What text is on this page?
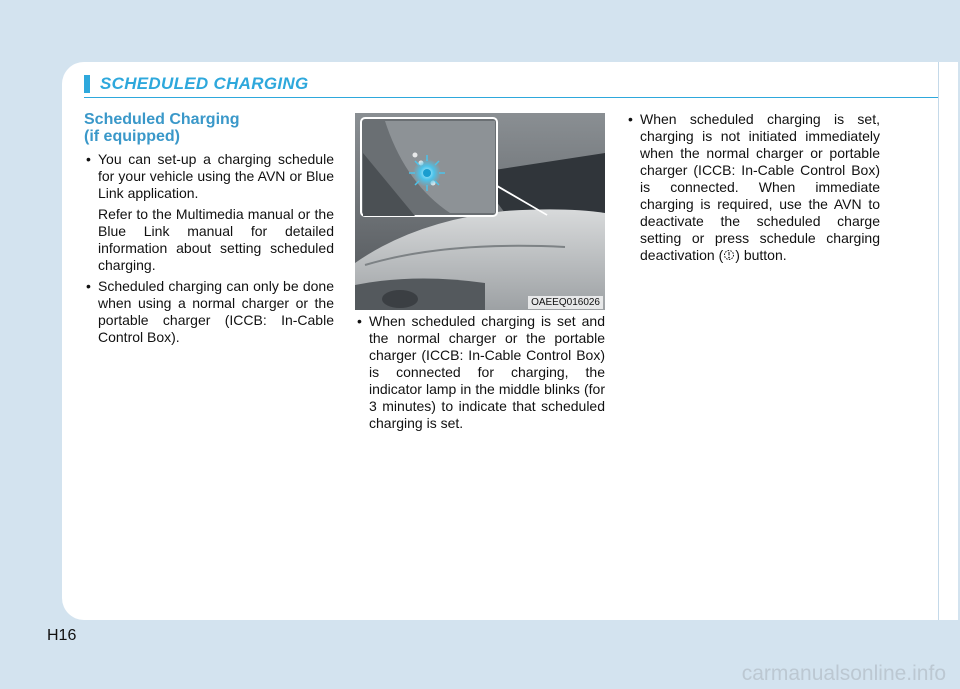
SCHEDULED CHARGING
Scheduled Charging
(if equipped)
• You can set-up a charging schedule for your vehicle using the AVN or Blue Link application.

Refer to the Multimedia manual or the Blue Link manual for detailed information about setting scheduled charging.

• Scheduled charging can only be done when using a normal charger or the portable charger (ICCB: In-Cable Control Box).
OAEEQ016026
• When scheduled charging is set and the normal charger or the portable charger (ICCB: In-Cable Control Box) is connected for charging, the indicator lamp in the middle blinks (for 3 minutes) to indicate that scheduled charging is set.
• When scheduled charging is set, charging is not initiated immediately when the normal charger or portable charger (ICCB: In-Cable Control Box) is connected. When immediate charging is required, use the AVN to deactivate the scheduled charge setting or press schedule charging deactivation ( ) button.
H16
carmanualsonline.info
